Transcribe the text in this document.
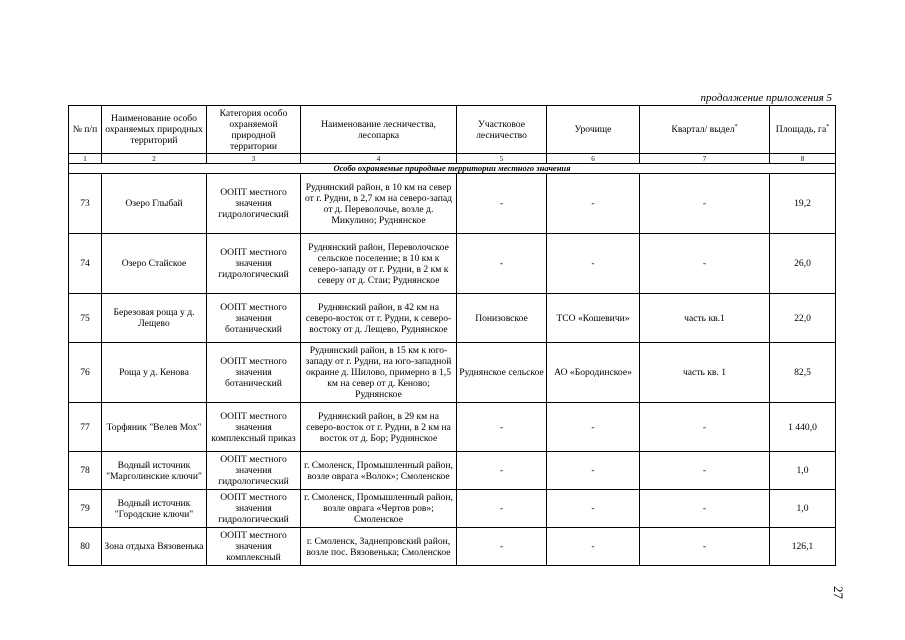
продолжение приложения 5
№ п/п	Наименование особо охраняемых природных территорий	Категория особо охраняемой природной территории	Наименование лесничества, лесопарка	Участковое лесничество	Урочище	Квартал/ выдел*	Площадь, га*
1	2	3	4	5	6	7	8
Особо охраняемые природные территории местного значения							
73	Озеро Глыбай	ООПТ местного значения гидрологический	Руднянский район, в 10 км на север от г. Рудни, в 2,7 км на северо-запад от д. Переволочье, возле д. Микулино; Руднянское	-	-	-	19,2
74	Озеро Стайское	ООПТ местного значения гидрологический	Руднянский район, Переволочское сельское поселение; в 10 км к северо-западу от г. Рудни, в 2 км к северу от д. Стаи; Руднянское	-	-	-	26,0
75	Березовая роща у д. Лещево	ООПТ местного значения ботанический	Руднянский район, в 42 км на северо-восток от г. Рудни, к северо-востоку от д. Лещево, Руднянское	Понизовское	ТСО «Кошевичи»	часть кв.1	22,0
76	Роща у д. Кенова	ООПТ местного значения ботанический	Руднянский район, в 15 км к юго-западу от г. Рудни, на юго-западной окраине д. Шилово, примерно в 1,5 км на север от д. Кеново; Руднянское	Руднянское сельское	АО «Бородинское»	часть кв. 1	82,5
77	Торфяник "Велев Мох"	ООПТ местного значения комплексный приказ	Руднянский район, в 29 км на северо-восток от г. Рудни, в 2 км на восток от д. Бор; Руднянское	-	-	-	1 440,0
78	Водный источник "Марголинские ключи"	ООПТ местного значения гидрологический	г. Смоленск, Промышленный район, возле оврага «Волок»; Смоленское	-	-	-	1,0
79	Водный источник "Городские ключи"	ООПТ местного значения гидрологический	г. Смоленск, Промышленный район, возле оврага «Чертов ров»; Смоленское	-	-	-	1,0
80	Зона отдыха Вязовенька	ООПТ местного значения комплексный	г. Смоленск, Заднепровский район, возле пос. Вязовенька; Смоленское	-	-	-	126,1
27
